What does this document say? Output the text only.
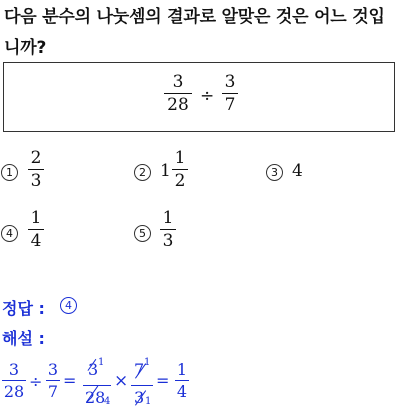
다음 분수의 나눗셈의 결과로 알맞은 것은 어느 것입
니까?
3
28 ÷
3
7
1
2
3	2 1
1
2	3 4
4
1
4	5
1
3
정답 :	4
해설 :
3
28
÷
3
7
=
3 1
28
4
×
7 1
3 1
=
1
4
